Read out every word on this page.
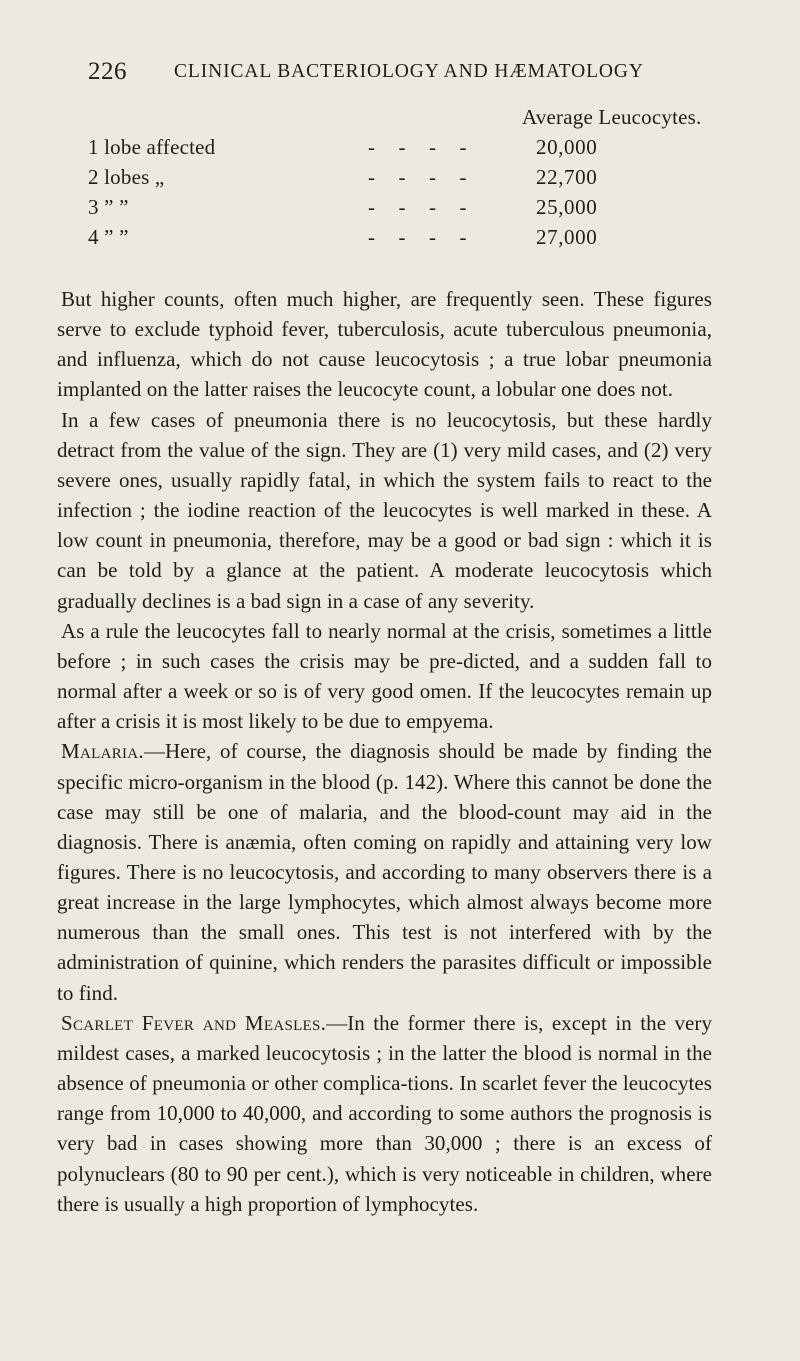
226 CLINICAL BACTERIOLOGY AND HÆMATOLOGY
Average Leucocytes.
1 lobe affected	-    -    -    -	20,000
2 lobes „	-    -    -    -	22,700
3 ” ”	-    -    -    -	25,000
4 ” ”	-    -    -    -	27,000

But higher counts, often much higher, are frequently seen. These figures serve to exclude typhoid fever, tuberculosis, acute tuberculous pneumonia, and influenza, which do not cause leucocytosis ; a true lobar pneumonia implanted on the latter raises the leucocyte count, a lobular one does not.

In a few cases of pneumonia there is no leucocytosis, but these hardly detract from the value of the sign. They are (1) very mild cases, and (2) very severe ones, usually rapidly fatal, in which the system fails to react to the infection ; the iodine reaction of the leucocytes is well marked in these. A low count in pneumonia, therefore, may be a good or bad sign : which it is can be told by a glance at the patient. A moderate leucocytosis which gradually declines is a bad sign in a case of any severity.

As a rule the leucocytes fall to nearly normal at the crisis, sometimes a little before ; in such cases the crisis may be pre-dicted, and a sudden fall to normal after a week or so is of very good omen. If the leucocytes remain up after a crisis it is most likely to be due to empyema.

Malaria.—Here, of course, the diagnosis should be made by finding the specific micro-organism in the blood (p. 142). Where this cannot be done the case may still be one of malaria, and the blood-count may aid in the diagnosis. There is anæmia, often coming on rapidly and attaining very low figures. There is no leucocytosis, and according to many observers there is a great increase in the large lymphocytes, which almost always become more numerous than the small ones. This test is not interfered with by the administration of quinine, which renders the parasites difficult or impossible to find.

Scarlet Fever and Measles.—In the former there is, except in the very mildest cases, a marked leucocytosis ; in the latter the blood is normal in the absence of pneumonia or other complica-tions. In scarlet fever the leucocytes range from 10,000 to 40,000, and according to some authors the prognosis is very bad in cases showing more than 30,000 ; there is an excess of polynuclears (80 to 90 per cent.), which is very noticeable in children, where there is usually a high proportion of lymphocytes.
